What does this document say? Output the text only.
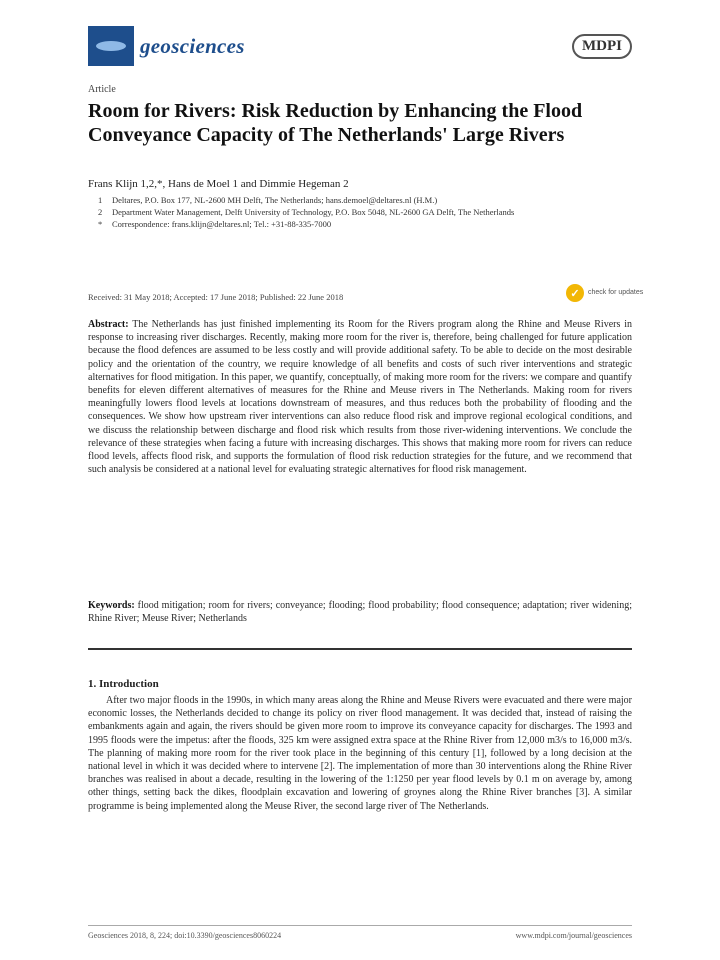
geosciences	MDPI
Article
Room for Rivers: Risk Reduction by Enhancing the Flood Conveyance Capacity of The Netherlands' Large Rivers
Frans Klijn 1,2,*, Hans de Moel 1 and Dimmie Hegeman 2
1	Deltares, P.O. Box 177, NL-2600 MH Delft, The Netherlands; hans.demoel@deltares.nl (H.M.)
2	Department Water Management, Delft University of Technology, P.O. Box 5048, NL-2600 GA Delft, The Netherlands
*	Correspondence: frans.klijn@deltares.nl; Tel.: +31-88-335-7000
Received: 31 May 2018; Accepted: 17 June 2018; Published: 22 June 2018	✓	check for updates
Abstract: The Netherlands has just finished implementing its Room for the Rivers program along the Rhine and Meuse Rivers in response to increasing river discharges. Recently, making more room for the river is, therefore, being challenged for future application because the flood defences are assumed to be less costly and will provide additional safety. To be able to decide on the most desirable policy and the orientation of the country, we require knowledge of all benefits and costs of such river interventions and strategic alternatives for flood mitigation. In this paper, we quantify, conceptually, of making more room for the rivers: we compare and quantify benefits for eleven different alternatives of measures for the Rhine and Meuse rivers in The Netherlands. Making room for rivers meaningfully lowers flood levels at locations downstream of measures, and thus reduces both the probability of flooding and the consequences. We show how upstream river interventions can also reduce flood risk and improve regional ecological conditions, and we discuss the relationship between discharge and flood risk which results from those river-widening interventions. We conclude the relevance of these strategies when facing a future with increasing discharges. This shows that making more room for rivers can reduce flood levels, affects flood risk, and supports the formulation of flood risk reduction strategies for the future, and we recommend that such analysis be considered at a national level for evaluating strategic alternatives for flood risk management.
Keywords: flood mitigation; room for rivers; conveyance; flooding; flood probability; flood consequence; adaptation; river widening; Rhine River; Meuse River; Netherlands
1. Introduction

After two major floods in the 1990s, in which many areas along the Rhine and Meuse Rivers were evacuated and there were major economic losses, the Netherlands decided to change its policy on river flood management. It was decided that, instead of raising the embankments again and again, the rivers should be given more room to improve its conveyance capacity for discharges. The 1993 and 1995 floods were the impetus: after the floods, 325 km were assigned extra space at the Rhine River from 12,000 m3/s to 16,000 m3/s. The planning of making more room for the river took place in the beginning of this century [1], followed by a long decision at the national level in which it was decided where to intervene [2]. The implementation of more than 30 interventions along the Rhine River branches was realised in about a decade, resulting in the lowering of the 1:1250 per year flood levels by 0.1 m on average by, among other things, setting back the dikes, floodplain excavation and lowering of groynes along the Rhine River branches [3]. A similar programme is being implemented along the Meuse River, the second large river of The Netherlands.

Geosciences 2018, 8, 224; doi:10.3390/geosciences8060224	www.mdpi.com/journal/geosciences
